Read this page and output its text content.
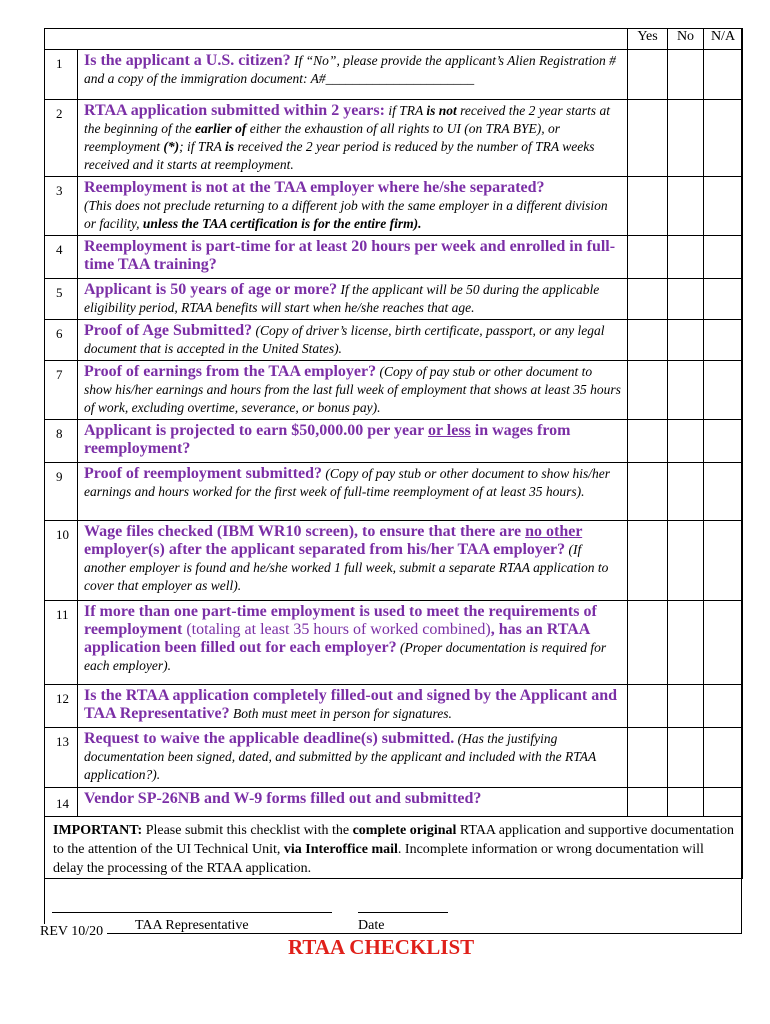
		Yes	No	N/A
1	Is the applicant a U.S. citizen? If “No”, please provide the applicant’s Alien Registration # and a copy of the immigration document: A#______________________			
2	RTAA application submitted within 2 years: if TRA is not received the 2 year starts at the beginning of the earlier of either the exhaustion of all rights to UI (on TRA BYE), or reemployment (*); if TRA is received the 2 year period is reduced by the number of TRA weeks received and it starts at reemployment.			
3	Reemployment is not at the TAA employer where he/she separated?
(This does not preclude returning to a different job with the same employer in a different division or facility, unless the TAA certification is for the entire firm).			
4	Reemployment is part-time for at least 20 hours per week and enrolled in full-time TAA training?			
5	Applicant is 50 years of age or more? If the applicant will be 50 during the applicable eligibility period, RTAA benefits will start when he/she reaches that age.			
6	Proof of Age Submitted? (Copy of driver’s license, birth certificate, passport, or any legal document that is accepted in the United States).			
7	Proof of earnings from the TAA employer? (Copy of pay stub or other document to show his/her earnings and hours from the last full week of employment that shows at least 35 hours of work, excluding overtime, severance, or bonus pay).			
8	Applicant is projected to earn $50,000.00 per year or less in wages from reemployment?			
9	Proof of reemployment submitted? (Copy of pay stub or other document to show his/her earnings and hours worked for the first week of full-time reemployment of at least 35 hours).			
10	Wage files checked (IBM WR10 screen), to ensure that there are no other employer(s) after the applicant separated from his/her TAA employer? (If another employer is found and he/she worked 1 full week, submit a separate RTAA application to cover that employer as well).			
11	If more than one part-time employment is used to meet the requirements of reemployment (totaling at least 35 hours of worked combined), has an RTAA application been filled out for each employer? (Proper documentation is required for each employer).			
12	Is the RTAA application completely filled-out and signed by the Applicant and TAA Representative? Both must meet in person for signatures.			
13	Request to waive the applicable deadline(s) submitted. (Has the justifying documentation been signed, dated, and submitted by the applicant and included with the RTAA application?).			
14	Vendor SP-26NB and W-9 forms filled out and submitted?			
IMPORTANT: Please submit this checklist with the complete original RTAA application and supportive documentation to the attention of the UI Technical Unit, via Interoffice mail. Incomplete information or wrong documentation will delay the processing of the RTAA application.				
TAA Representative	Date
REV 10/20
RTAA CHECKLIST
